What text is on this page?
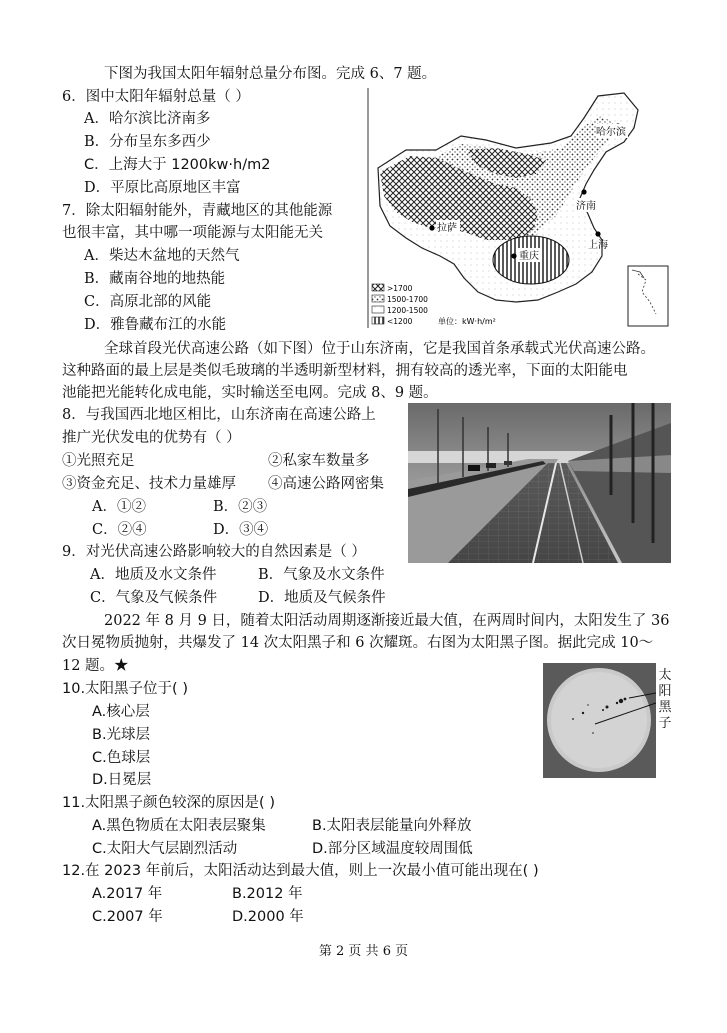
下图为我国太阳年辐射总量分布图。完成 6、7 题。
6．图中太阳年辐射总量（ ）
A．哈尔滨比济南多
B．分布呈东多西少
C．上海大于 1200kw·h/m2
D．平原比高原地区丰富
7．除太阳辐射能外，青藏地区的其他能源
也很丰富，其中哪一项能源与太阳能无关
A．柴达木盆地的天然气
B．藏南谷地的地热能
C．高原北部的风能
D．雅鲁藏布江的水能
哈尔滨
济南
上海
拉萨
重庆
>1700
1500-1700
1200-1500
<1200	单位：kW·h/m²
全球首段光伏高速公路（如下图）位于山东济南，它是我国首条承载式光伏高速公路。
这种路面的最上层是类似毛玻璃的半透明新型材料，拥有较高的透光率，下面的太阳能电
池能把光能转化成电能，实时输送至电网。完成 8、9 题。
8．与我国西北地区相比，山东济南在高速公路上
推广光伏发电的优势有（ ）
①光照充足	②私家车数量多
③资金充足、技术力量雄厚 ④高速公路网密集
A．①②	B．②③
C．②④	D．③④
9．对光伏高速公路影响较大的自然因素是（ ）
A．地质及水文条件	B．气象及水文条件
C．气象及气候条件	D．地质及气候条件
2022 年 8 月 9 日，随着太阳活动周期逐渐接近最大值，在两周时间内，太阳发生了 36
次日冕物质抛射，共爆发了 14 次太阳黑子和 6 次耀斑。右图为太阳黑子图。据此完成 10～
12 题。★
太
阳
黑
子
10.太阳黑子位于( )
A.核心层
B.光球层
C.色球层
D.日冕层
11.太阳黑子颜色较深的原因是( )
A.黑色物质在太阳表层聚集	B.太阳表层能量向外释放
C.太阳大气层剧烈活动	D.部分区域温度较周围低
12.在 2023 年前后，太阳活动达到最大值，则上一次最小值可能出现在( )
A.2017 年	B.2012 年
C.2007 年	D.2000 年
第 2 页 共 6 页
